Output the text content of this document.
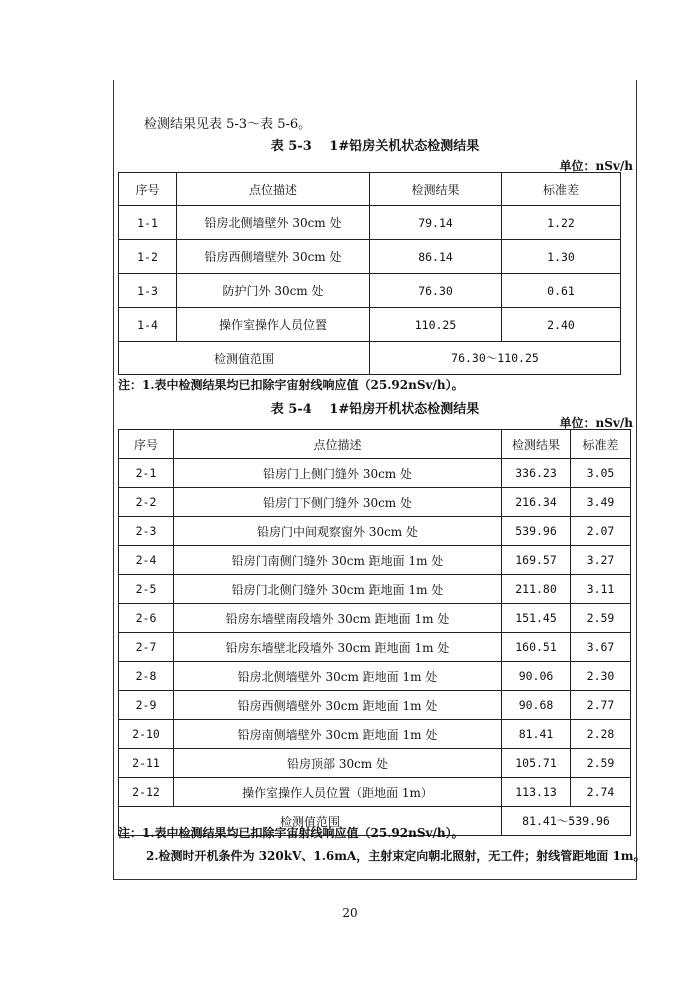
检测结果见表 5-3～表 5-6。
表 5-3　 1#铅房关机状态检测结果
单位：nSv/h
序号	点位描述	检测结果	标准差
1-1	铅房北侧墙壁外 30cm 处	79.14	1.22
1-2	铅房西侧墙壁外 30cm 处	86.14	1.30
1-3	防护门外 30cm 处	76.30	0.61
1-4	操作室操作人员位置	110.25	2.40
检测值范围		76.30～110.25	
注：1.表中检测结果均已扣除宇宙射线响应值（25.92nSv/h）。
表 5-4　 1#铅房开机状态检测结果
单位：nSv/h
序号	点位描述	检测结果	标准差
2-1	铅房门上侧门缝外 30cm 处	336.23	3.05
2-2	铅房门下侧门缝外 30cm 处	216.34	3.49
2-3	铅房门中间观察窗外 30cm 处	539.96	2.07
2-4	铅房门南侧门缝外 30cm 距地面 1m 处	169.57	3.27
2-5	铅房门北侧门缝外 30cm 距地面 1m 处	211.80	3.11
2-6	铅房东墙壁南段墙外 30cm 距地面 1m 处	151.45	2.59
2-7	铅房东墙壁北段墙外 30cm 距地面 1m 处	160.51	3.67
2-8	铅房北侧墙壁外 30cm 距地面 1m 处	90.06	2.30
2-9	铅房西侧墙壁外 30cm 距地面 1m 处	90.68	2.77
2-10	铅房南侧墙壁外 30cm 距地面 1m 处	81.41	2.28
2-11	铅房顶部 30cm 处	105.71	2.59
2-12	操作室操作人员位置（距地面 1m）	113.13	2.74
检测值范围		81.41～539.96	
注：1.表中检测结果均已扣除宇宙射线响应值（25.92nSv/h）。
2.检测时开机条件为 320kV、1.6mA，主射束定向朝北照射，无工件；射线管距地面 1m。
20
